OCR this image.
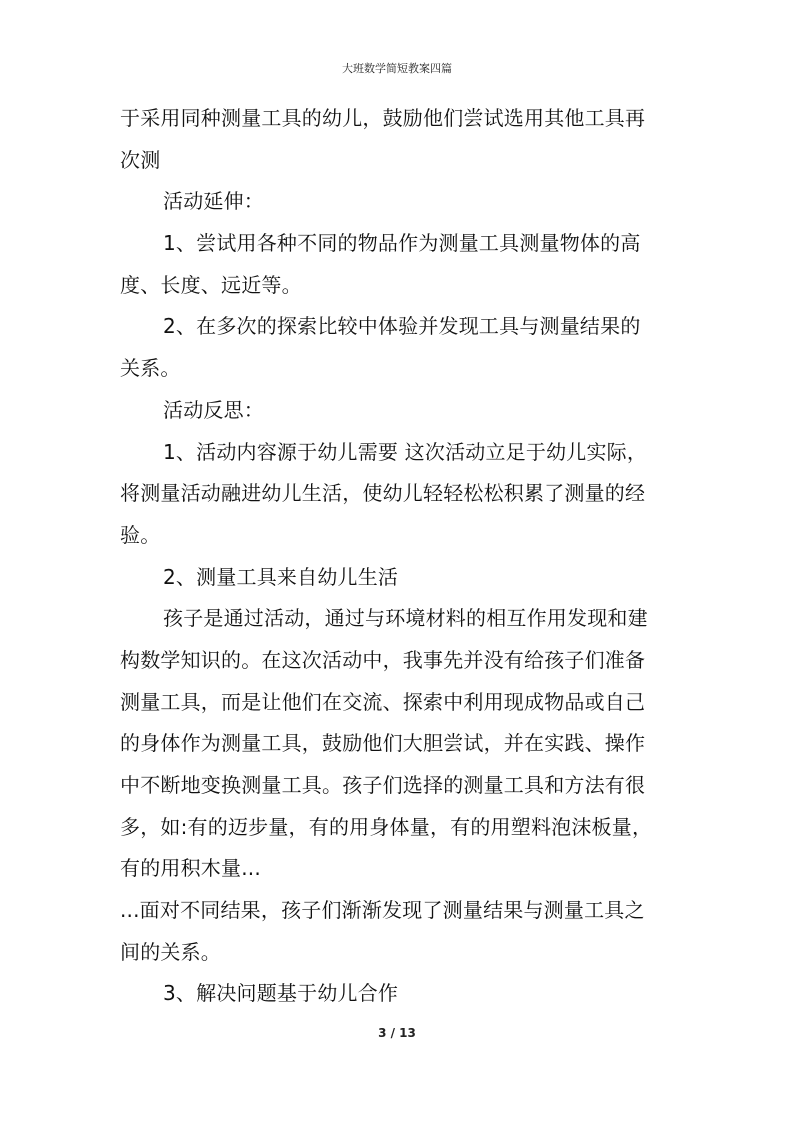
大班数学简短教案四篇
于采用同种测量工具的幼儿，鼓励他们尝试选用其他工具再
次测
活动延伸：
1、尝试用各种不同的物品作为测量工具测量物体的高
度、长度、远近等。
2、在多次的探索比较中体验并发现工具与测量结果的
关系。
活动反思：
1、活动内容源于幼儿需要 这次活动立足于幼儿实际，
将测量活动融进幼儿生活，使幼儿轻轻松松积累了测量的经
验。
2、测量工具来自幼儿生活
孩子是通过活动，通过与环境材料的相互作用发现和建
构数学知识的。在这次活动中，我事先并没有给孩子们准备
测量工具，而是让他们在交流、探索中利用现成物品或自己
的身体作为测量工具，鼓励他们大胆尝试，并在实践、操作
中不断地变换测量工具。孩子们选择的测量工具和方法有很
多，如:有的迈步量，有的用身体量，有的用塑料泡沫板量，
有的用积木量...
...面对不同结果，孩子们渐渐发现了测量结果与测量工具之
间的关系。
3、解决问题基于幼儿合作
3 / 13
